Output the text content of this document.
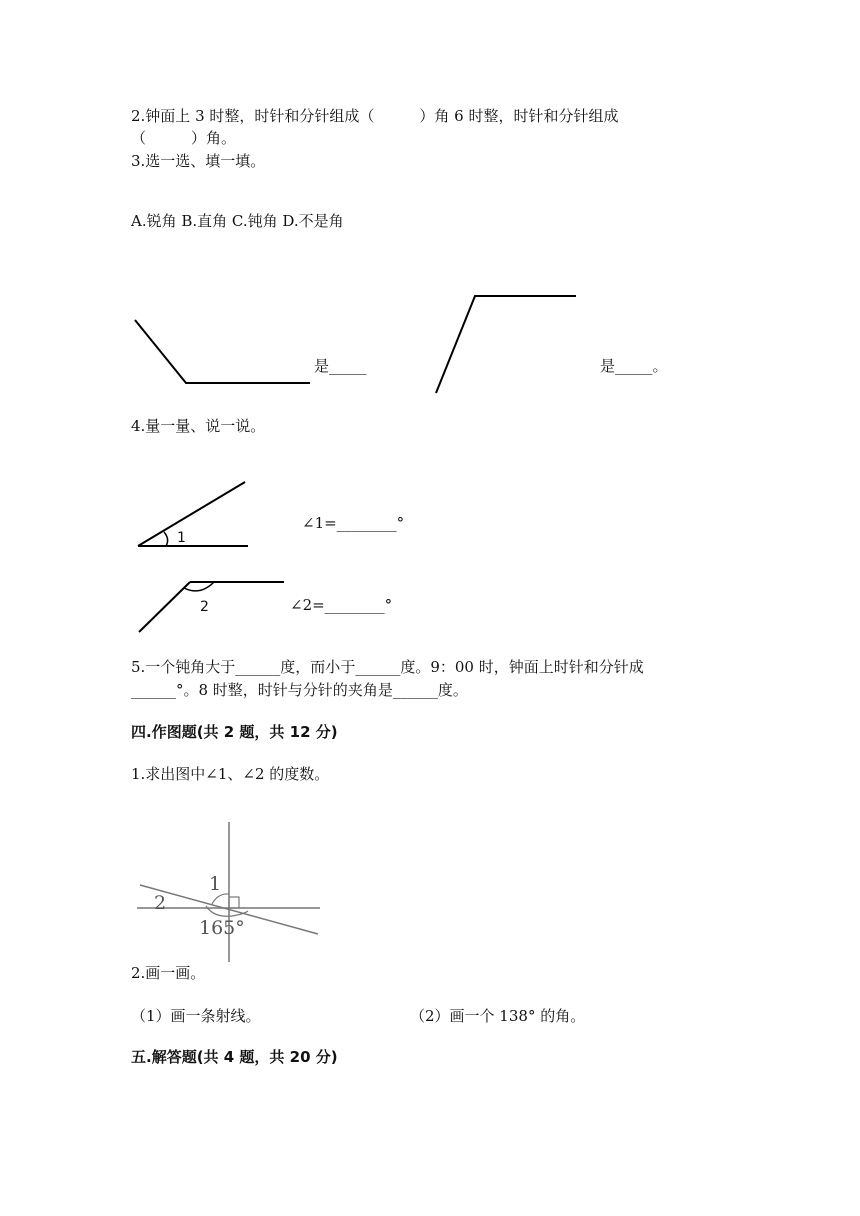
2.钟面上 3 时整，时针和分针组成（　　　）角 6 时整，时针和分针组成
（　　　）角。
3.选一选、填一填。
A.锐角 B.直角 C.钝角 D.不是角
是_____	是_____。
4.量一量、说一说。
1
∠1=________°
2	∠2=________°
5.一个钝角大于______度，而小于______度。9：00 时，钟面上时针和分针成
______°。8 时整，时针与分针的夹角是______度。
四.作图题(共 2 题，共 12 分)
1.求出图中∠1、∠2 的度数。
1
2
165°
2.画一画。
（1）画一条射线。	（2）画一个 138° 的角。
五.解答题(共 4 题，共 20 分)
